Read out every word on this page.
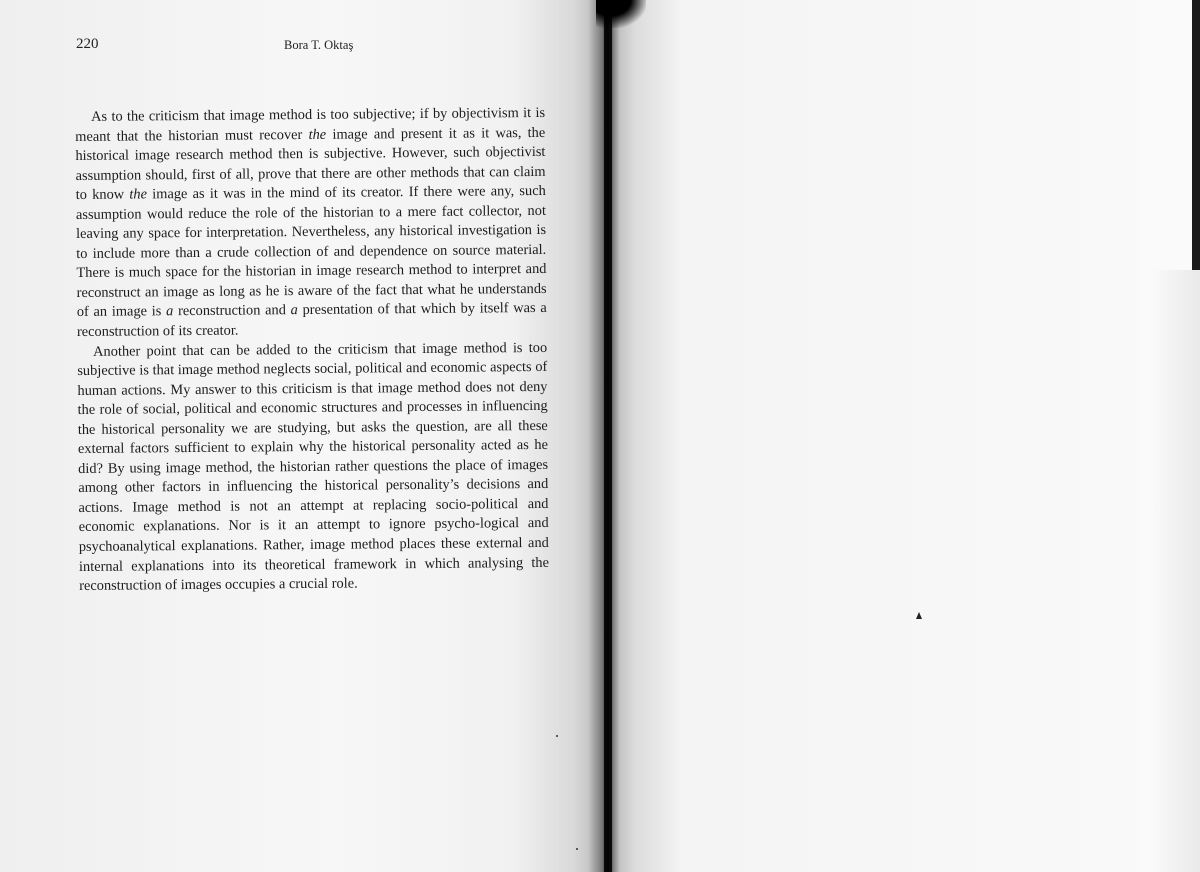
220	Bora T. Oktaş

As to the criticism that image method is too subjective; if by objectivism it is meant that the historian must recover the image and present it as it was, the historical image research method then is subjective. However, such objectivist assumption should, first of all, prove that there are other methods that can claim to know the image as it was in the mind of its creator. If there were any, such assumption would reduce the role of the historian to a mere fact collector, not leaving any space for interpretation. Nevertheless, any historical investigation is to include more than a crude collection of and dependence on source material. There is much space for the historian in image research method to interpret and reconstruct an image as long as he is aware of the fact that what he understands of an image is a reconstruction and a presentation of that which by itself was a reconstruction of its creator.

Another point that can be added to the criticism that image method is too subjective is that image method neglects social, political and economic aspects of human actions. My answer to this criticism is that image method does not deny the role of social, political and economic structures and processes in influencing the historical personality we are studying, but asks the question, are all these external factors sufficient to explain why the historical personality acted as he did? By using image method, the historian rather questions the place of images among other factors in influencing the historical personality’s decisions and actions. Image method is not an attempt at replacing socio-political and economic explanations. Nor is it an attempt to ignore psycho-logical and psychoanalytical explanations. Rather, image method places these external and internal explanations into its theoretical framework in which analysing the reconstruction of images occupies a crucial role.
